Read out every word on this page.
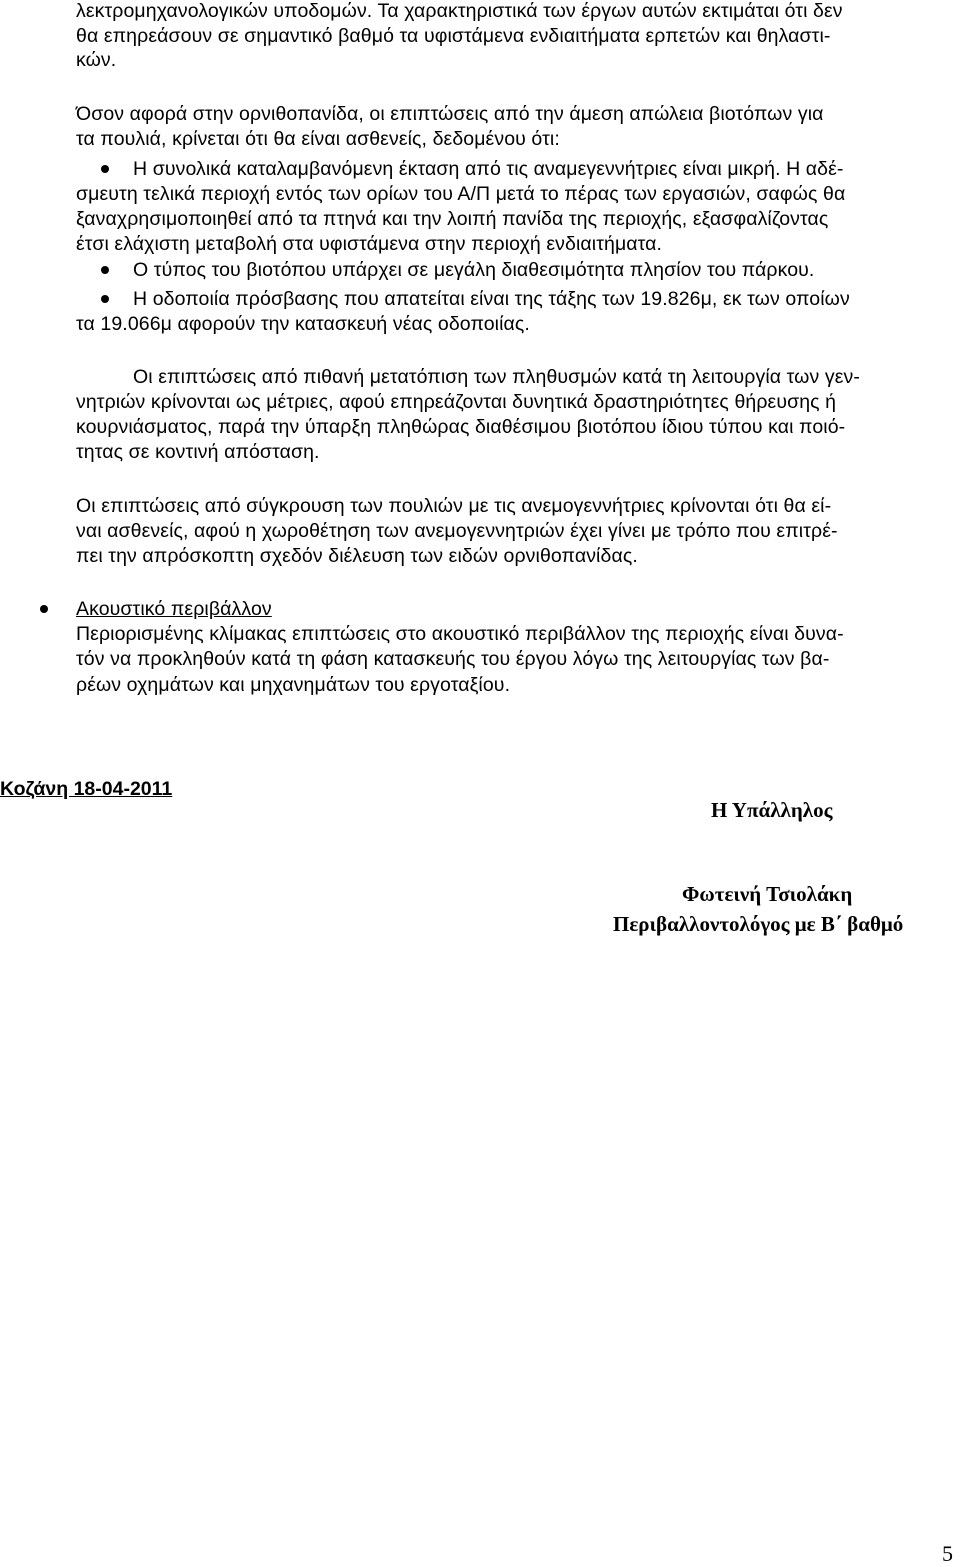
λεκτρομηχανολογικών υποδομών. Τα χαρακτηριστικά των έργων αυτών εκτιμάται ότι δεν
θα επηρεάσουν σε σημαντικό βαθμό τα υφιστάμενα ενδιαιτήματα ερπετών και θηλαστι-
κών.
Όσον αφορά στην ορνιθοπανίδα, οι επιπτώσεις από την άμεση απώλεια βιοτόπων για
τα πουλιά, κρίνεται ότι θα είναι ασθενείς, δεδομένου ότι:
Η συνολικά καταλαμβανόμενη έκταση από τις αναμεγεννήτριες είναι μικρή. Η αδέ-
σμευτη τελικά περιοχή εντός των ορίων του Α/Π μετά το πέρας των εργασιών, σαφώς θα
ξαναχρησιμοποιηθεί από τα πτηνά και την λοιπή πανίδα της περιοχής, εξασφαλίζοντας
έτσι ελάχιστη μεταβολή στα υφιστάμενα στην περιοχή ενδιαιτήματα.
Ο τύπος του βιοτόπου υπάρχει σε μεγάλη διαθεσιμότητα πλησίον του πάρκου.
Η οδοποιία πρόσβασης που απατείται είναι της τάξης των 19.826μ, εκ των οποίων
τα 19.066μ αφορούν την κατασκευή νέας οδοποιίας.
Οι επιπτώσεις από πιθανή μετατόπιση των πληθυσμών κατά τη λειτουργία των γεν-
νητριών κρίνονται ως μέτριες, αφού επηρεάζονται δυνητικά δραστηριότητες θήρευσης ή
κουρνιάσματος, παρά την ύπαρξη πληθώρας διαθέσιμου βιοτόπου ίδιου τύπου και ποιό-
τητας σε κοντινή απόσταση.
Οι επιπτώσεις από σύγκρουση των πουλιών με τις ανεμογεννήτριες κρίνονται ότι θα εί-
ναι ασθενείς, αφού η χωροθέτηση των ανεμογεννητριών έχει γίνει με τρόπο που επιτρέ-
πει την απρόσκοπτη σχεδόν διέλευση των ειδών ορνιθοπανίδας.
Ακουστικό περιβάλλον
Περιορισμένης κλίμακας επιπτώσεις στο ακουστικό περιβάλλον της περιοχής είναι δυνα-
τόν να προκληθούν κατά τη φάση κατασκευής του έργου λόγω της λειτουργίας των βα-
ρέων οχημάτων και μηχανημάτων του εργοταξίου.
Κοζάνη 18-04-2011
Η Υπάλληλος
Φωτεινή Τσιολάκη
Περιβαλλοντολόγος με Β΄ βαθμό
5
